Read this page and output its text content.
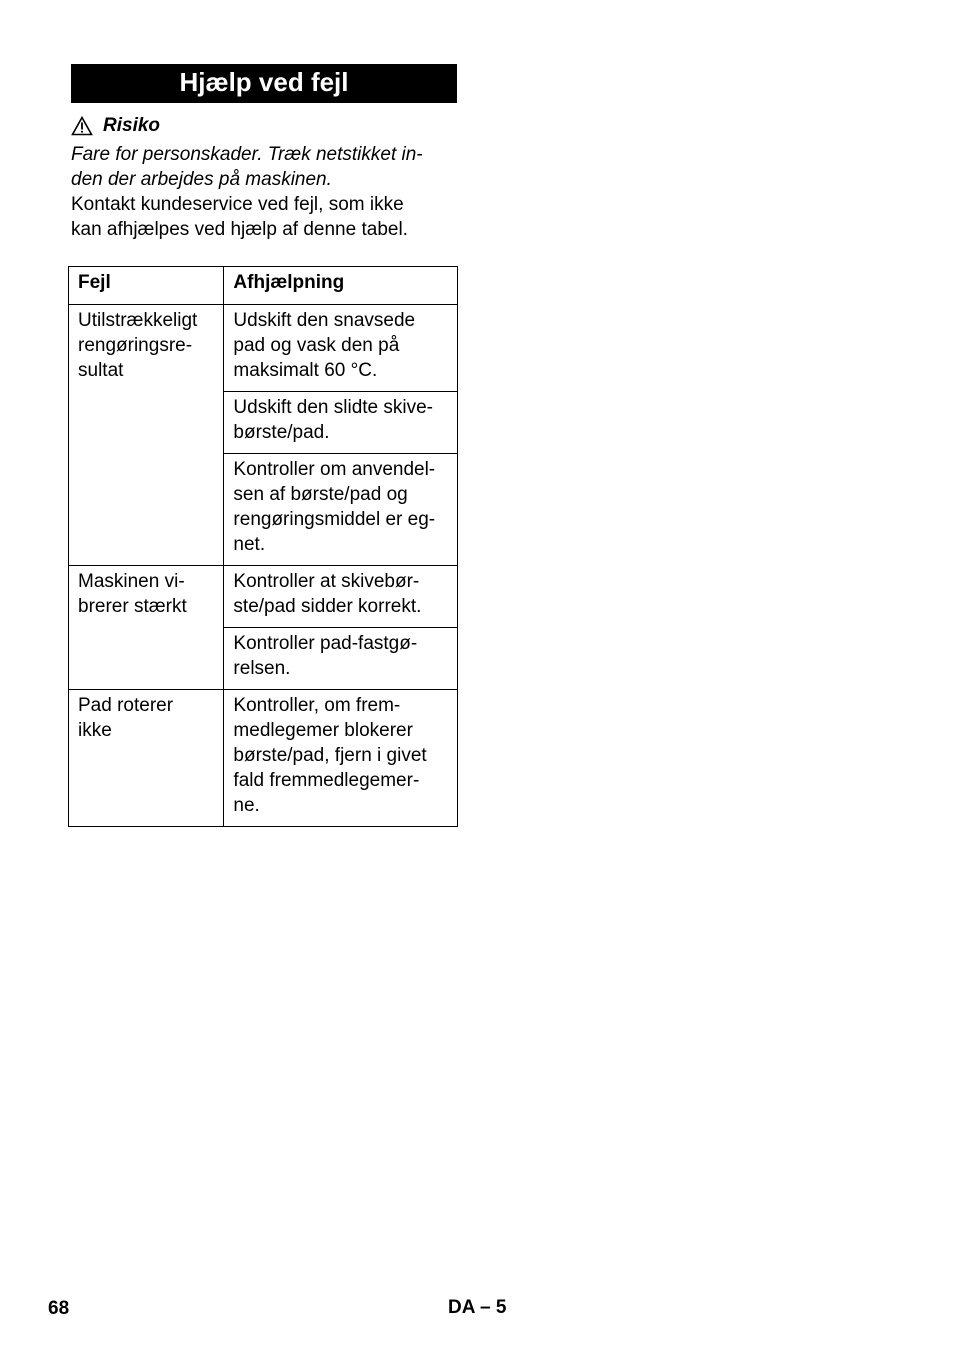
Hjælp ved fejl
Risiko

Fare for personskader. Træk netstikket in-
den der arbejdes på maskinen.

Kontakt kundeservice ved fejl, som ikke
kan afhjælpes ved hjælp af denne tabel.

Fejl	Afhjælpning

Utilstrækkeligt
rengøringsre-
sultat	Udskift den snavsede
pad og vask den på
maksimalt 60 °C.

	Udskift den slidte skive-
børste/pad.

	Kontroller om anvendel-
sen af børste/pad og
rengøringsmiddel er eg-
net.

Maskinen vi-
brerer stærkt	Kontroller at skivebør-
ste/pad sidder korrekt.

	Kontroller pad-fastgø-
relsen.

Pad roterer
ikke	Kontroller, om frem-
medlegemer blokerer
børste/pad, fjern i givet
fald fremmedlegemer-
ne.
68	DA – 5
